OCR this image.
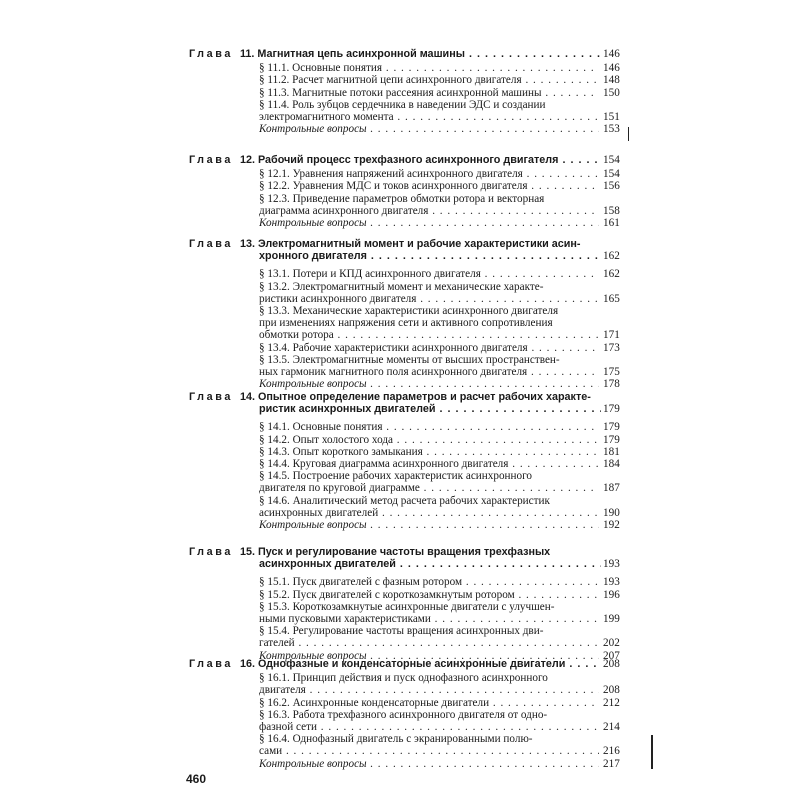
Глава 11. Магнитная цепь асинхронной машины . . .	146
§ 11.1. Основные понятия . . .	146
§ 11.2. Расчет магнитной цепи асинхронного двигателя . . .	148
§ 11.3. Магнитные потоки рассеяния асинхронной машины . . .	150
§ 11.4. Роль зубцов сердечника в наведении ЭДС и создании
электромагнитного момента . . .	151
Контрольные вопросы . . .	153
Глава 12. Рабочий процесс трехфазного асинхронного двигателя . . .	154
§ 12.1. Уравнения напряжений асинхронного двигателя . . .	154
§ 12.2. Уравнения МДС и токов асинхронного двигателя . . .	156
§ 12.3. Приведение параметров обмотки ротора и векторная
диаграмма асинхронного двигателя . . .	158
Контрольные вопросы . . .	161
Глава 13. Электромагнитный момент и рабочие характеристики асин-
хронного двигателя . . .	162
§ 13.1. Потери и КПД асинхронного двигателя . . .	162
§ 13.2. Электромагнитный момент и механические характе-
ристики асинхронного двигателя . . .	165
§ 13.3. Механические характеристики асинхронного двигателя
при изменениях напряжения сети и активного сопротивления
обмотки ротора . . .	171
§ 13.4. Рабочие характеристики асинхронного двигателя . . .	173
§ 13.5. Электромагнитные моменты от высших пространствен-
ных гармоник магнитного поля асинхронного двигателя . . .	175
Контрольные вопросы . . .	178
Глава 14. Опытное определение параметров и расчет рабочих характе-
ристик асинхронных двигателей . . .	179
§ 14.1. Основные понятия . . .	179
§ 14.2. Опыт холостого хода . . .	179
§ 14.3. Опыт короткого замыкания . . .	181
§ 14.4. Круговая диаграмма асинхронного двигателя . . .	184
§ 14.5. Построение рабочих характеристик асинхронного
двигателя по круговой диаграмме . . .	187
§ 14.6. Аналитический метод расчета рабочих характеристик
асинхронных двигателей . . .	190
Контрольные вопросы . . .	192
Глава 15. Пуск и регулирование частоты вращения трехфазных
асинхронных двигателей . . .	193
§ 15.1. Пуск двигателей с фазным ротором . . .	193
§ 15.2. Пуск двигателей с короткозамкнутым ротором . . .	196
§ 15.3. Короткозамкнутые асинхронные двигатели с улучшен-
ными пусковыми характеристиками . . .	199
§ 15.4. Регулирование частоты вращения асинхронных дви-
гателей . . .	202
Контрольные вопросы . . .	207
Глава 16. Однофазные и конденсаторные асинхронные двигатели . . .	208
§ 16.1. Принцип действия и пуск однофазного асинхронного
двигателя . . .	208
§ 16.2. Асинхронные конденсаторные двигатели . . .	212
§ 16.3. Работа трехфазного асинхронного двигателя от одно-
фазной сети . . .	214
§ 16.4. Однофазный двигатель с экранированными полю-
сами . . .	216
Контрольные вопросы . . .	217
460
